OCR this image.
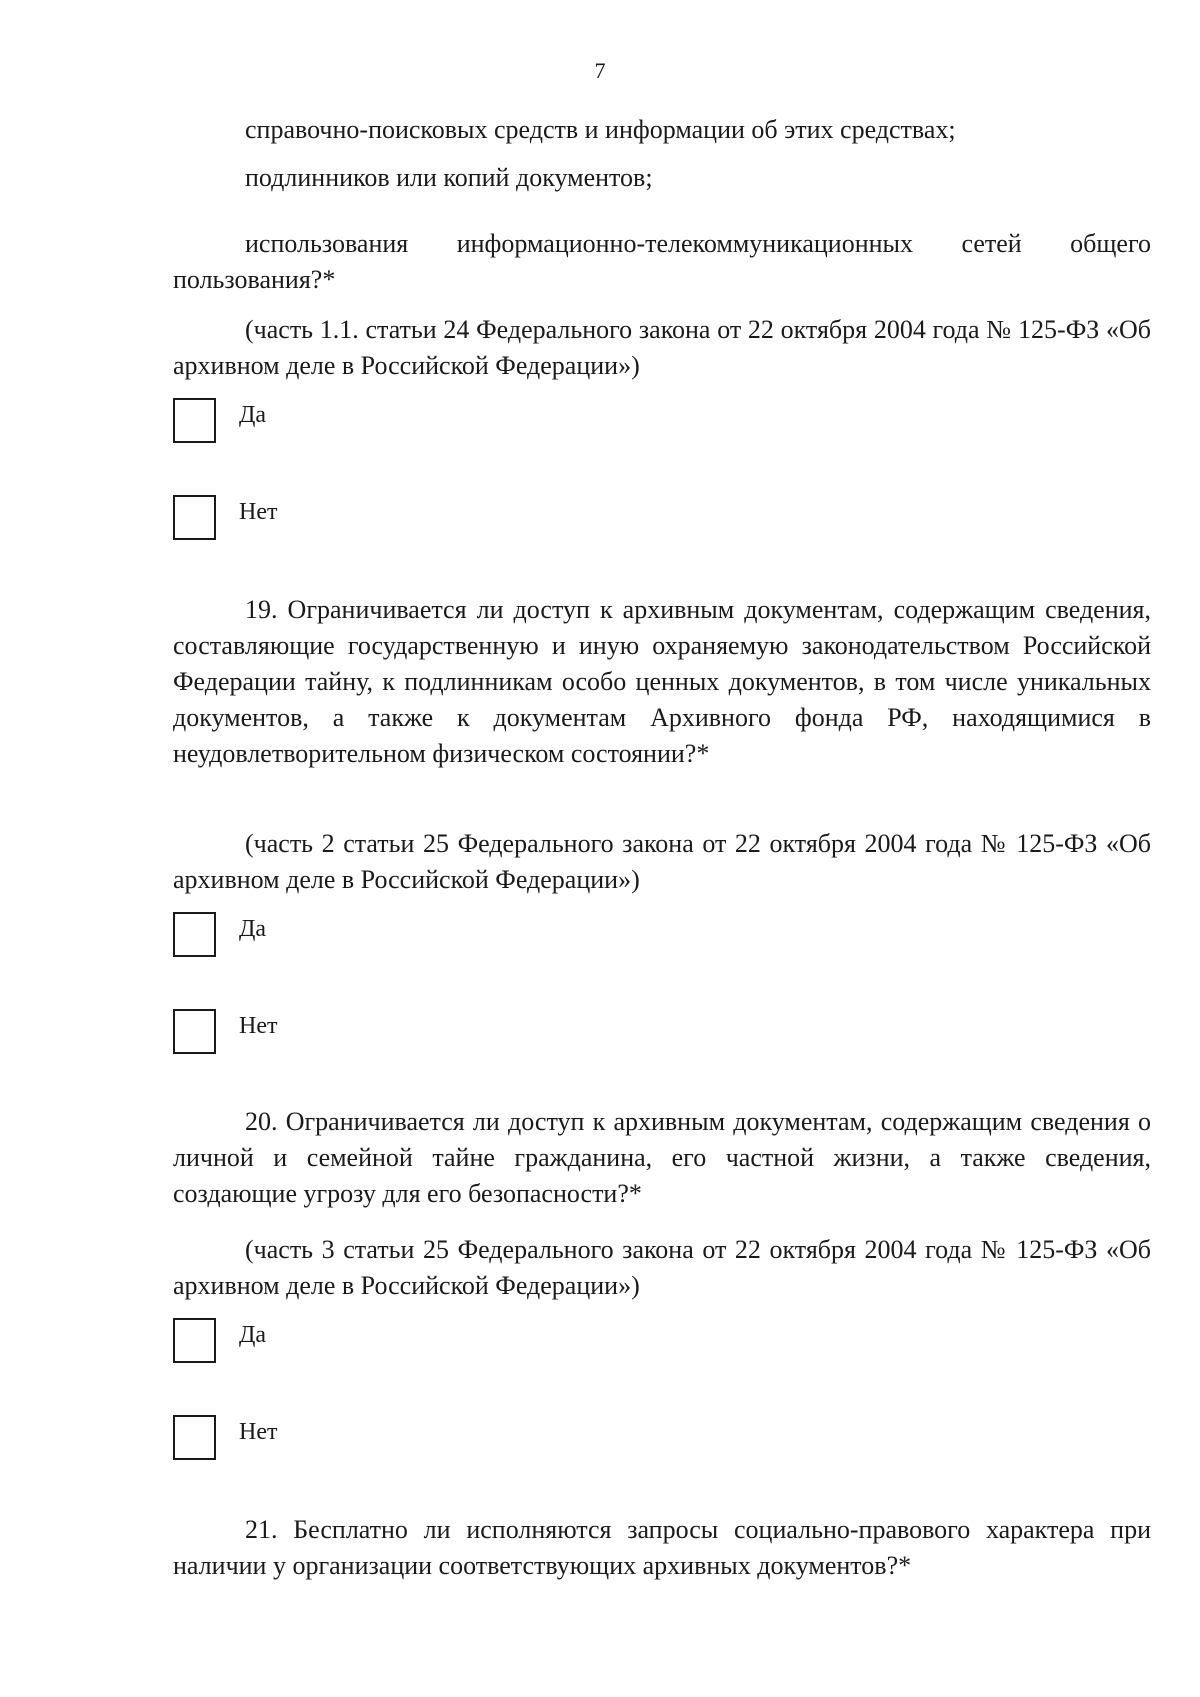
7

справочно-поисковых средств и информации об этих средствах;

подлинников или копий документов;

использования информационно-телекоммуникационных сетей общего пользования?*

(часть 1.1. статьи 24 Федерального закона от 22 октября 2004 года № 125-ФЗ «Об архивном деле в Российской Федерации»)

Да
Нет

19. Ограничивается ли доступ к архивным документам, содержащим сведения, составляющие государственную и иную охраняемую законодательством Российской Федерации тайну, к подлинникам особо ценных документов, в том числе уникальных документов, а также к документам Архивного фонда РФ, находящимися в неудовлетворительном физическом состоянии?*

(часть 2 статьи 25 Федерального закона от 22 октября 2004 года № 125-ФЗ «Об архивном деле в Российской Федерации»)

Да
Нет

20. Ограничивается ли доступ к архивным документам, содержащим сведения о личной и семейной тайне гражданина, его частной жизни, а также сведения, создающие угрозу для его безопасности?*

(часть 3 статьи 25 Федерального закона от 22 октября 2004 года № 125-ФЗ «Об архивном деле в Российской Федерации»)

Да
Нет

21. Бесплатно ли исполняются запросы социально-правового характера при наличии у организации соответствующих архивных документов?*
